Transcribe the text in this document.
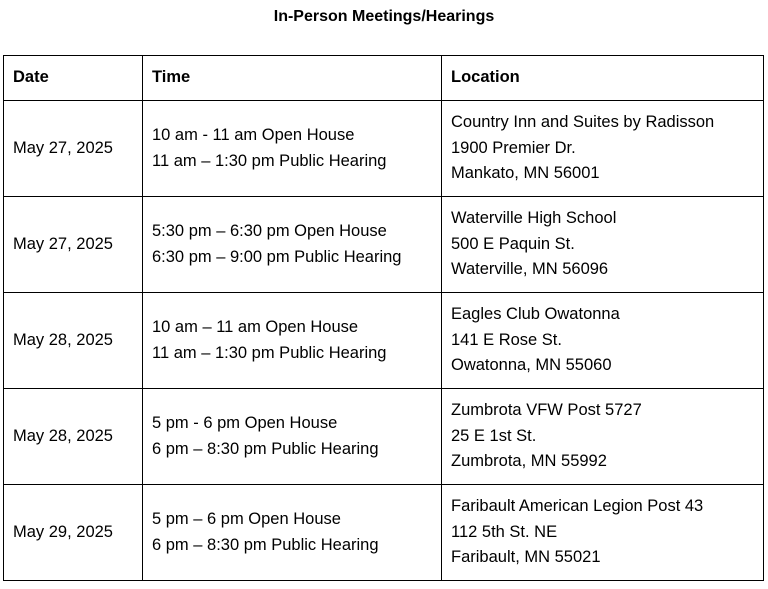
In-Person Meetings/Hearings
Date	Time	Location
May 27, 2025	10 am - 11 am Open House
11 am – 1:30 pm Public Hearing	Country Inn and Suites by Radisson
1900 Premier Dr.
Mankato, MN 56001

May 27, 2025	5:30 pm – 6:30 pm Open House
6:30 pm – 9:00 pm Public Hearing	Waterville High School
500 E Paquin St.
Waterville, MN 56096

May 28, 2025	10 am – 11 am Open House
11 am – 1:30 pm Public Hearing	Eagles Club Owatonna
141 E Rose St.
Owatonna, MN 55060

May 28, 2025	5 pm - 6 pm Open House
6 pm – 8:30 pm Public Hearing	Zumbrota VFW Post 5727
25 E 1st St.
Zumbrota, MN 55992

May 29, 2025	5 pm – 6 pm Open House
6 pm – 8:30 pm Public Hearing	Faribault American Legion Post 43
112 5th St. NE
Faribault, MN 55021
